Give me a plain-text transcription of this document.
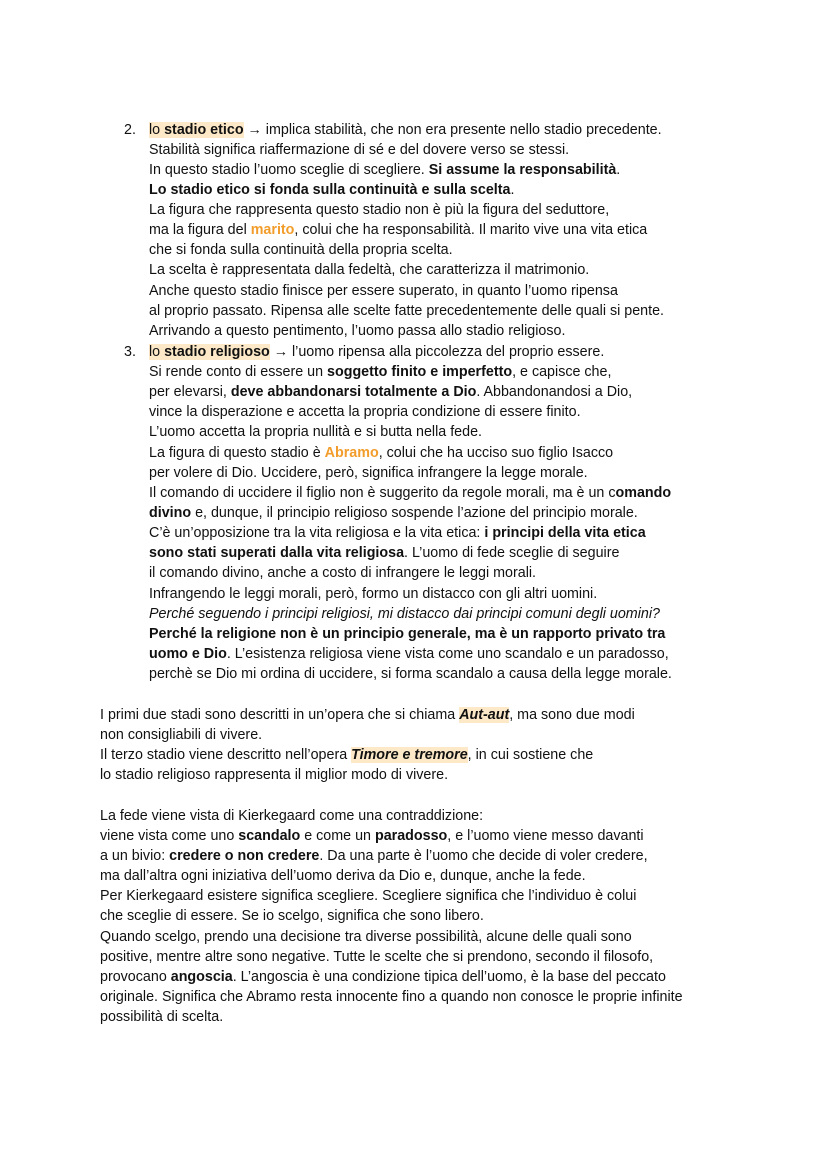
2.
3.
lo stadio etico → implica stabilità, che non era presente nello stadio precedente.
Stabilità significa riaffermazione di sé e del dovere verso se stessi.
In questo stadio l’uomo sceglie di scegliere. Si assume la responsabilità.
Lo stadio etico si fonda sulla continuità e sulla scelta.
La figura che rappresenta questo stadio non è più la figura del seduttore,
ma la figura del marito, colui che ha responsabilità. Il marito vive una vita etica
che si fonda sulla continuità della propria scelta.
La scelta è rappresentata dalla fedeltà, che caratterizza il matrimonio.
Anche questo stadio finisce per essere superato, in quanto l’uomo ripensa
al proprio passato. Ripensa alle scelte fatte precedentemente delle quali si pente.
Arrivando a questo pentimento, l’uomo passa allo stadio religioso.
lo stadio religioso → l’uomo ripensa alla piccolezza del proprio essere.
Si rende conto di essere un soggetto finito e imperfetto, e capisce che,
per elevarsi, deve abbandonarsi totalmente a Dio. Abbandonandosi a Dio,
vince la disperazione e accetta la propria condizione di essere finito.
L’uomo accetta la propria nullità e si butta nella fede.
La figura di questo stadio è Abramo, colui che ha ucciso suo figlio Isacco
per volere di Dio. Uccidere, però, significa infrangere la legge morale.
Il comando di uccidere il figlio non è suggerito da regole morali, ma è un comando
divino e, dunque, il principio religioso sospende l’azione del principio morale.
C’è un’opposizione tra la vita religiosa e la vita etica: i principi della vita etica
sono stati superati dalla vita religiosa. L’uomo di fede sceglie di seguire
il comando divino, anche a costo di infrangere le leggi morali.
Infrangendo le leggi morali, però, formo un distacco con gli altri uomini.
Perché seguendo i principi religiosi, mi distacco dai principi comuni degli uomini?
Perché la religione non è un principio generale, ma è un rapporto privato tra
uomo e Dio. L’esistenza religiosa viene vista come uno scandalo e un paradosso,
perchè se Dio mi ordina di uccidere, si forma scandalo a causa della legge morale.
I primi due stadi sono descritti in un’opera che si chiama Aut-aut, ma sono due modi
non consigliabili di vivere.
Il terzo stadio viene descritto nell’opera Timore e tremore, in cui sostiene che
lo stadio religioso rappresenta il miglior modo di vivere.
La fede viene vista di Kierkegaard come una contraddizione:
viene vista come uno scandalo e come un paradosso, e l’uomo viene messo davanti
a un bivio: credere o non credere. Da una parte è l’uomo che decide di voler credere,
ma dall’altra ogni iniziativa dell’uomo deriva da Dio e, dunque, anche la fede.
Per Kierkegaard esistere significa scegliere. Scegliere significa che l’individuo è colui
che sceglie di essere. Se io scelgo, significa che sono libero.
Quando scelgo, prendo una decisione tra diverse possibilità, alcune delle quali sono
positive, mentre altre sono negative. Tutte le scelte che si prendono, secondo il filosofo,
provocano angoscia. L’angoscia è una condizione tipica dell’uomo, è la base del peccato
originale. Significa che Abramo resta innocente fino a quando non conosce le proprie infinite
possibilità di scelta.
